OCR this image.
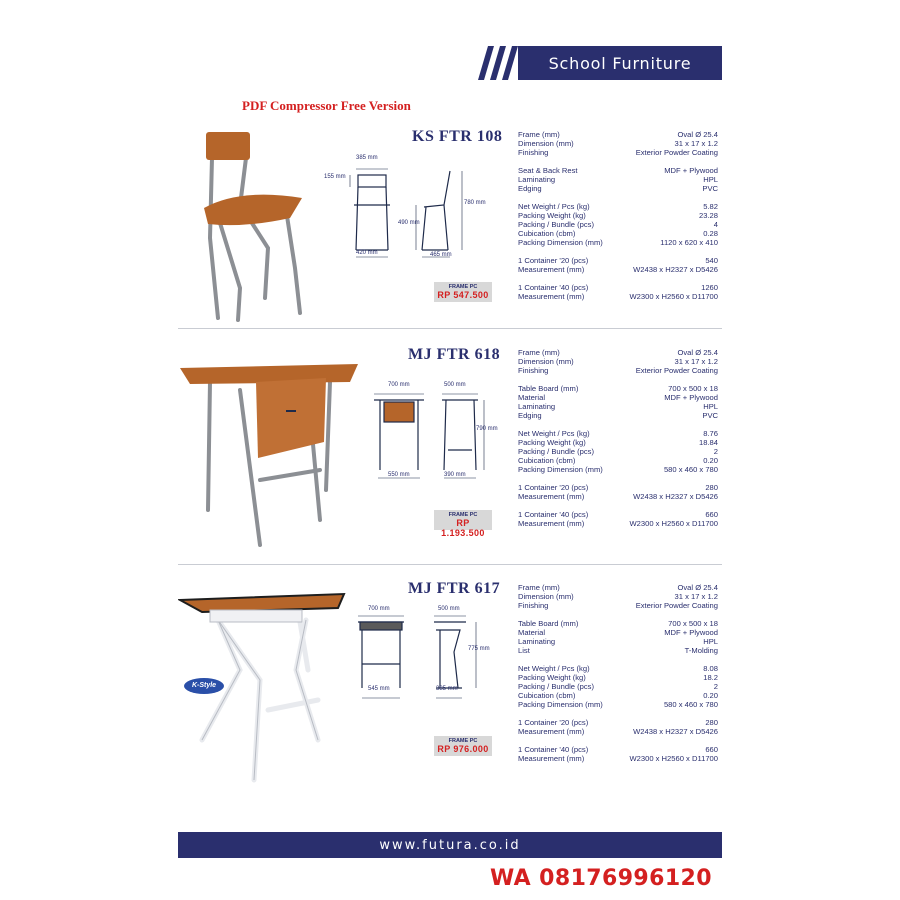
School Furniture
PDF Compressor Free Version
385 mm
155 mm
780 mm
490 mm
420 mm	465 mm
KS FTR 108
FRAME PC
RP 547.500
Frame (mm)	Oval Ø 25.4
Dimension (mm)	31 x 17 x 1.2
Finishing	Exterior Powder Coating
Seat & Back Rest	MDF + Plywood
Laminating	HPL
Edging	PVC
Net Weight / Pcs (kg)	5.82
Packing Weight (kg)	23.28
Packing / Bundle (pcs)	4
Cubication (cbm)	0.28
Packing Dimension (mm)	1120 x 620 x 410
1 Container '20 (pcs)	540
Measurement (mm)	W2438 x H2327 x D5426
1 Container '40 (pcs)	1260
Measurement (mm)	W2300 x H2560 x D11700
700 mm	500 mm
790 mm
550 mm	390 mm
MJ FTR 618
FRAME PC
RP 1.193.500
Frame (mm)	Oval Ø 25.4
Dimension (mm)	31 x 17 x 1.2
Finishing	Exterior Powder Coating
Table Board (mm)	700 x 500 x 18
Material	MDF + Plywood
Laminating	HPL
Edging	PVC
Net Weight / Pcs (kg)	8.76
Packing Weight (kg)	18.84
Packing / Bundle (pcs)	2
Cubication (cbm)	0.20
Packing Dimension (mm)	580 x 460 x 780
1 Container '20 (pcs)	280
Measurement (mm)	W2438 x H2327 x D5426
1 Container '40 (pcs)	660
Measurement (mm)	W2300 x H2560 x D11700
K-Style
700 mm	500 mm
775 mm
545 mm	385 mm
MJ FTR 617
FRAME PC
RP 976.000
Frame (mm)	Oval Ø 25.4
Dimension (mm)	31 x 17 x 1.2
Finishing	Exterior Powder Coating
Table Board (mm)	700 x 500 x 18
Material	MDF + Plywood
Laminating	HPL
List	T-Molding
Net Weight / Pcs (kg)	8.08
Packing Weight (kg)	18.2
Packing / Bundle (pcs)	2
Cubication (cbm)	0.20
Packing Dimension (mm)	580 x 460 x 780
1 Container '20 (pcs)	280
Measurement (mm)	W2438 x H2327 x D5426
1 Container '40 (pcs)	660
Measurement (mm)	W2300 x H2560 x D11700
www.futura.co.id
WA 08176996120
